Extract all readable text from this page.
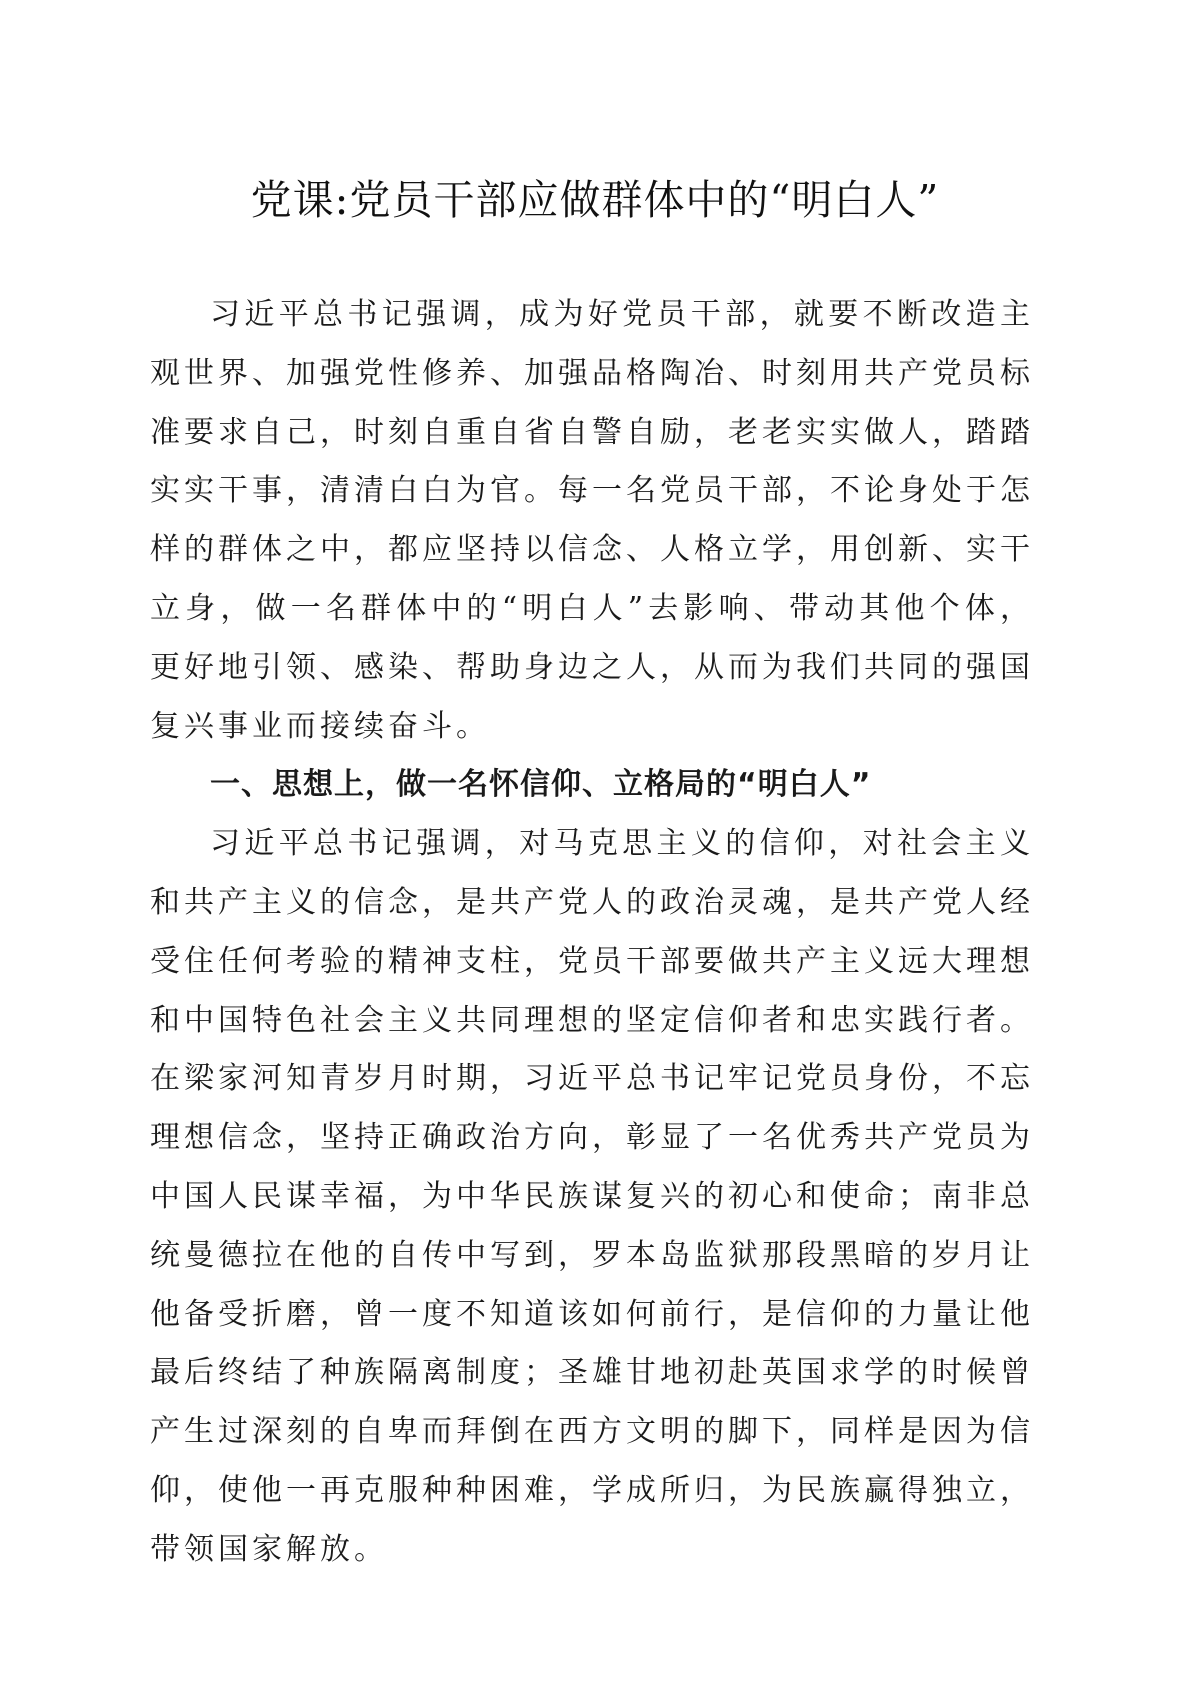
党课:党员干部应做群体中的“明白人”

习近平总书记强调，成为好党员干部，就要不断改造主观世界、加强党性修养、加强品格陶冶、时刻用共产党员标准要求自己，时刻自重自省自警自励，老老实实做人，踏踏实实干事，清清白白为官。每一名党员干部，不论身处于怎样的群体之中，都应坚持以信念、人格立学，用创新、实干立身，做一名群体中的“明白人”去影响、带动其他个体，更好地引领、感染、帮助身边之人，从而为我们共同的强国复兴事业而接续奋斗。

一、思想上，做一名怀信仰、立格局的“明白人”

习近平总书记强调，对马克思主义的信仰，对社会主义和共产主义的信念，是共产党人的政治灵魂，是共产党人经受住任何考验的精神支柱，党员干部要做共产主义远大理想和中国特色社会主义共同理想的坚定信仰者和忠实践行者。在梁家河知青岁月时期，习近平总书记牢记党员身份，不忘理想信念，坚持正确政治方向，彰显了一名优秀共产党员为中国人民谋幸福，为中华民族谋复兴的初心和使命；南非总统曼德拉在他的自传中写到，罗本岛监狱那段黑暗的岁月让他备受折磨，曾一度不知道该如何前行，是信仰的力量让他最后终结了种族隔离制度；圣雄甘地初赴英国求学的时候曾产生过深刻的自卑而拜倒在西方文明的脚下，同样是因为信仰，使他一再克服种种困难，学成所归，为民族赢得独立，带领国家解放。
